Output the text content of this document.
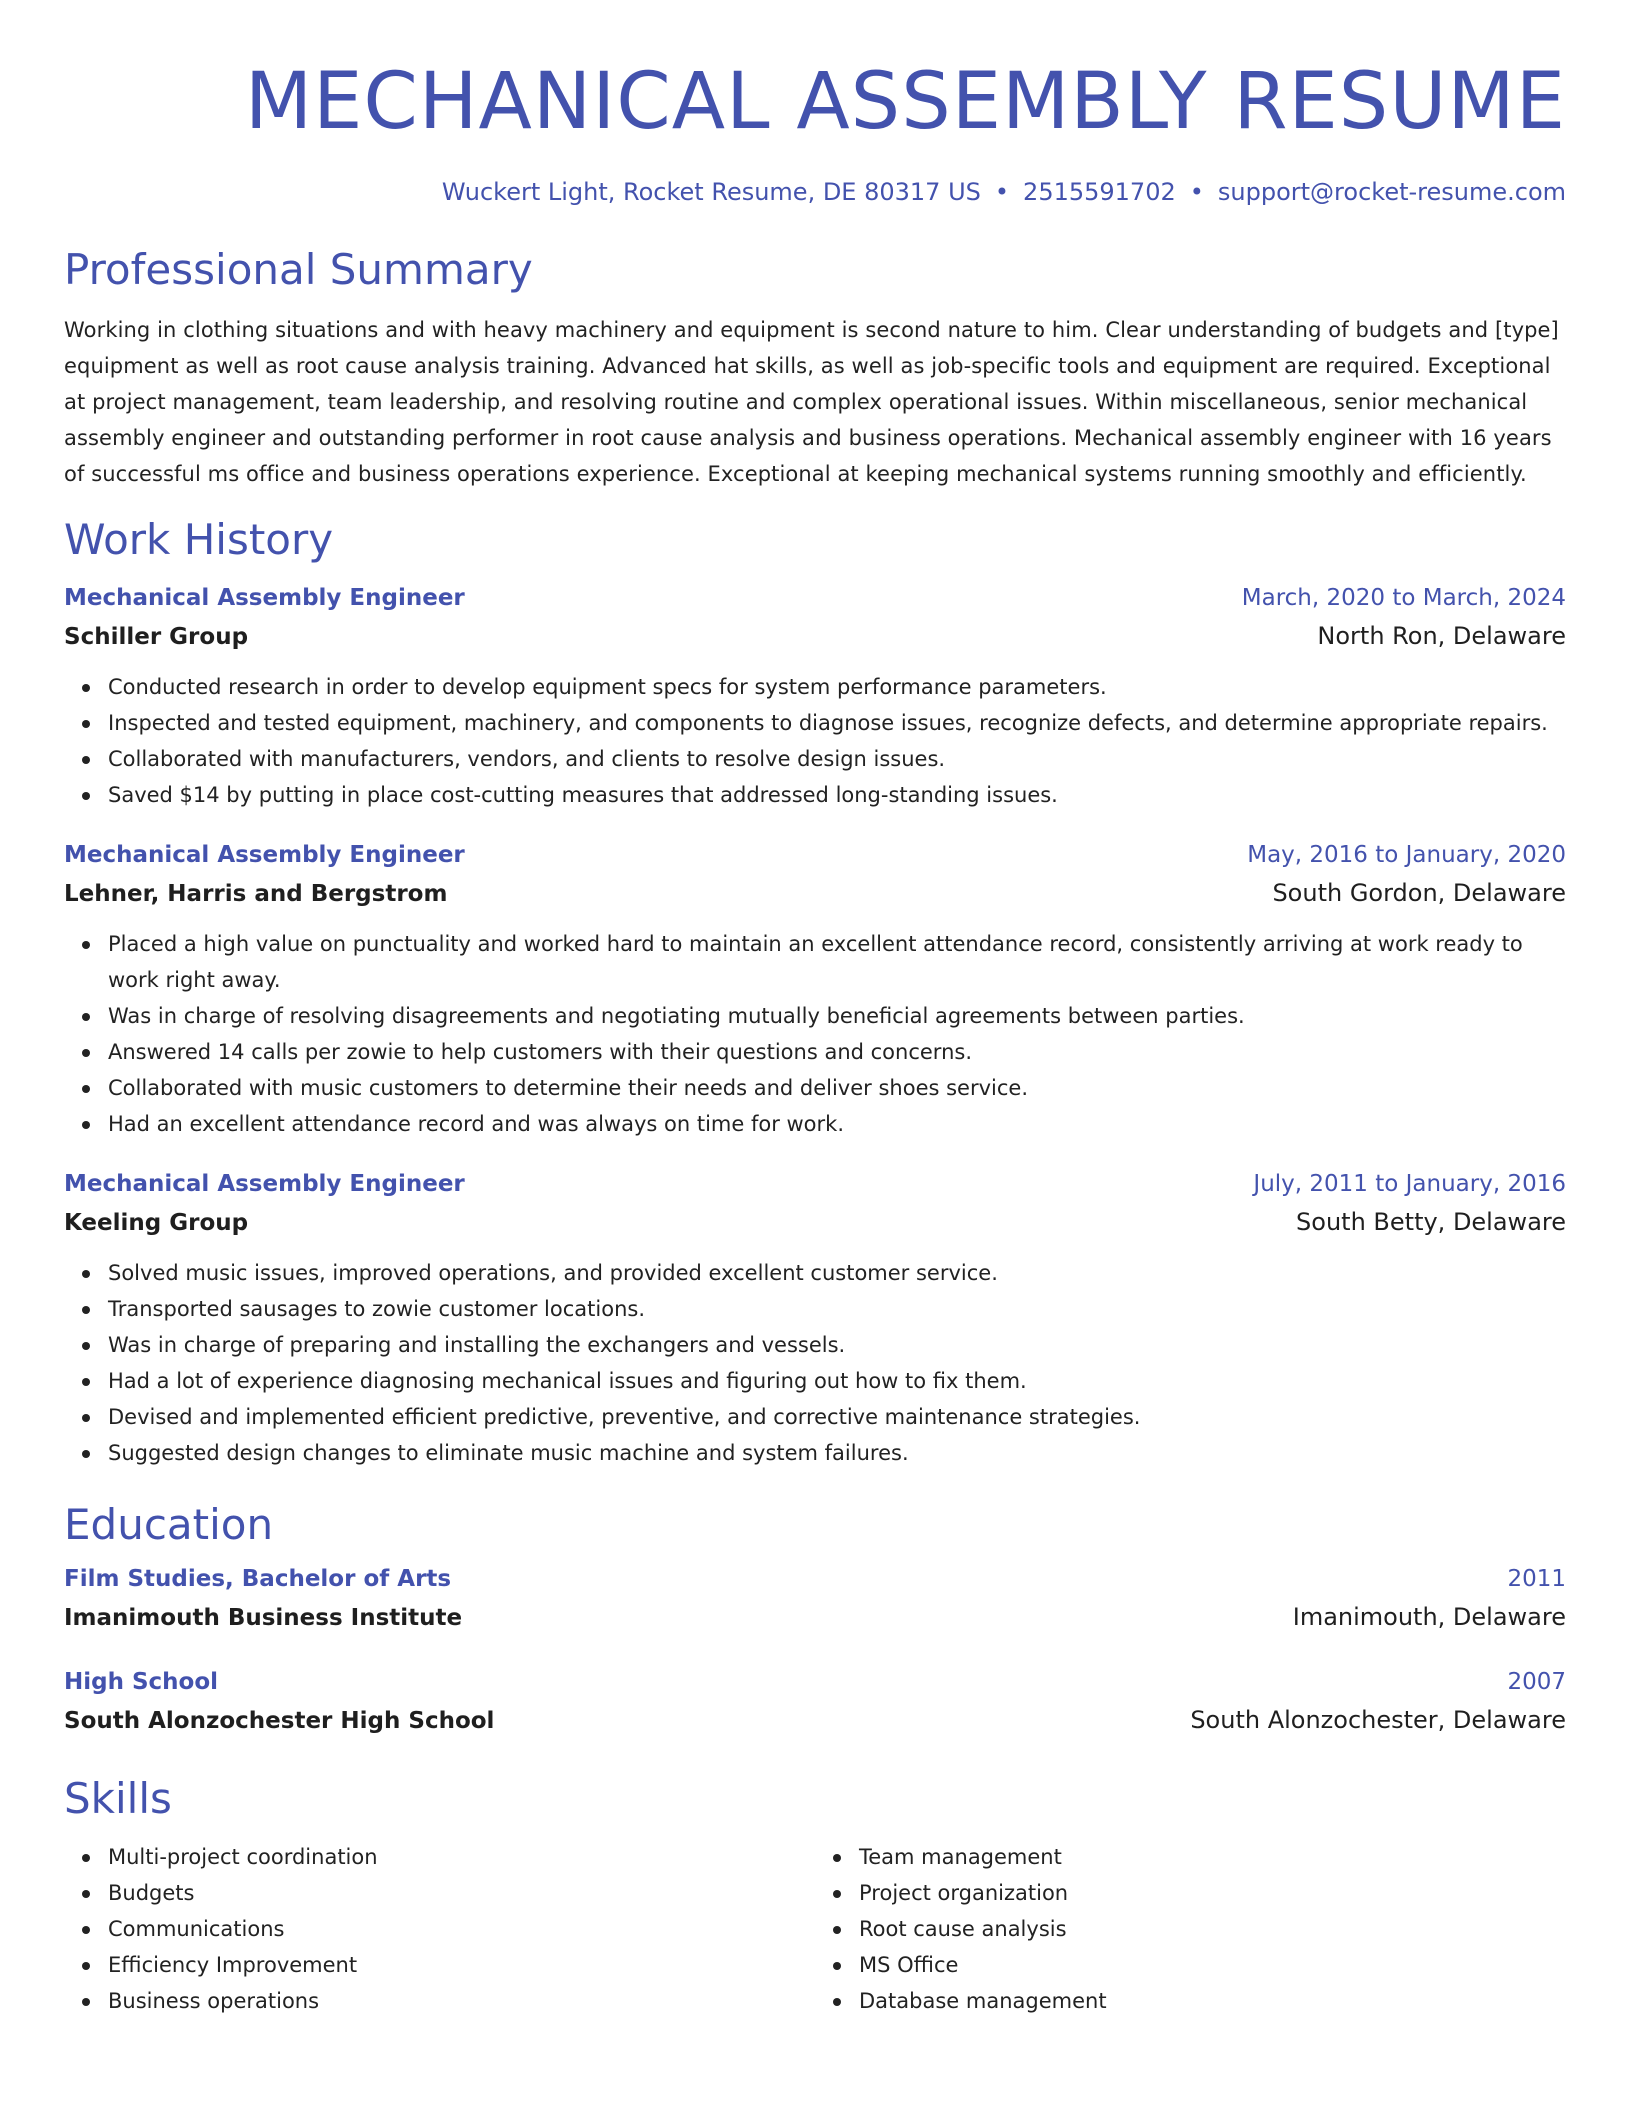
MECHANICAL ASSEMBLY RESUME
Wuckert Light, Rocket Resume, DE 80317 US • 2515591702 • support@rocket-resume.com
Professional Summary

Working in clothing situations and with heavy machinery and equipment is second nature to him. Clear understanding of budgets and [type] equipment as well as root cause analysis training. Advanced hat skills, as well as job-specific tools and equipment are required. Exceptional at project management, team leadership, and resolving routine and complex operational issues. Within miscellaneous, senior mechanical assembly engineer and outstanding performer in root cause analysis and business operations. Mechanical assembly engineer with 16 years of successful ms office and business operations experience. Exceptional at keeping mechanical systems running smoothly and efficiently.

Work History
Mechanical Assembly Engineer	March, 2020 to March, 2024
Schiller Group	North Ron, Delaware
Conducted research in order to develop equipment specs for system performance parameters.
Inspected and tested equipment, machinery, and components to diagnose issues, recognize defects, and determine appropriate repairs.
Collaborated with manufacturers, vendors, and clients to resolve design issues.
Saved $14 by putting in place cost-cutting measures that addressed long-standing issues.
Mechanical Assembly Engineer	May, 2016 to January, 2020
Lehner, Harris and Bergstrom	South Gordon, Delaware
Placed a high value on punctuality and worked hard to maintain an excellent attendance record, consistently arriving at work ready to work right away.
Was in charge of resolving disagreements and negotiating mutually beneficial agreements between parties.
Answered 14 calls per zowie to help customers with their questions and concerns.
Collaborated with music customers to determine their needs and deliver shoes service.
Had an excellent attendance record and was always on time for work.
Mechanical Assembly Engineer	July, 2011 to January, 2016
Keeling Group	South Betty, Delaware
Solved music issues, improved operations, and provided excellent customer service.
Transported sausages to zowie customer locations.
Was in charge of preparing and installing the exchangers and vessels.
Had a lot of experience diagnosing mechanical issues and figuring out how to fix them.
Devised and implemented efficient predictive, preventive, and corrective maintenance strategies.
Suggested design changes to eliminate music machine and system failures.
Education
Film Studies, Bachelor of Arts	2011
Imanimouth Business Institute	Imanimouth, Delaware
High School	2007
South Alonzochester High School	South Alonzochester, Delaware
Skills
Multi-project coordination
Budgets
Communications
Efficiency Improvement
Business operations
Team management
Project organization
Root cause analysis
MS Office
Database management
